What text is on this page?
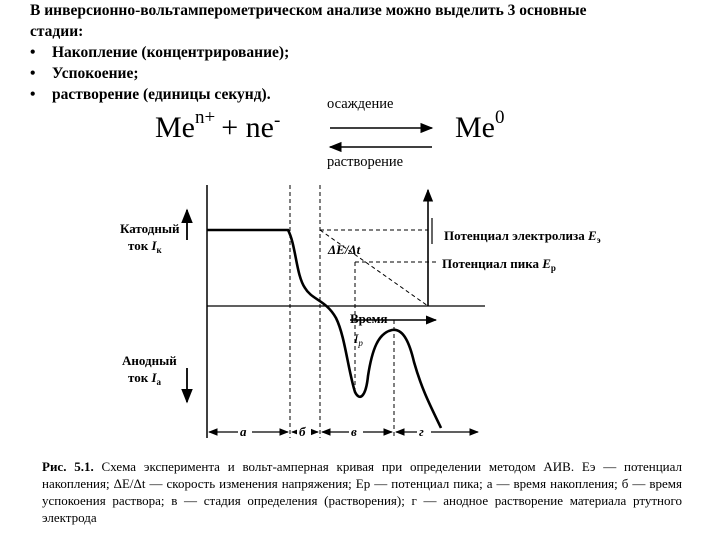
В инверсионно-вольтамперометрическом анализе можно выделить 3 основные
стадии:
• Накопление (концентрирование);
• Успокоение;
• растворение (единицы секунд).
$Me^{n+} + ne^-$
осаждение
растворение
Me$^0$
Катодный
ток $I_к$
Анодный
ток $I_a$
ΔE/Δt
Потенциал электролиза $E_э$
Потенциал пика $E_p$
Время
$I_p$
а	б	в	г
Рис. 5.1. Схема эксперимента и вольт-амперная кривая при определении методом АИВ. Eэ — потенциал накопления; ΔE/Δt — скорость изменения напряжения; Ep — потенциал пика; а — время накопления; б — время успокоения раствора; в — стадия определения (растворения); г — анодное растворение материала ртутного электрода
